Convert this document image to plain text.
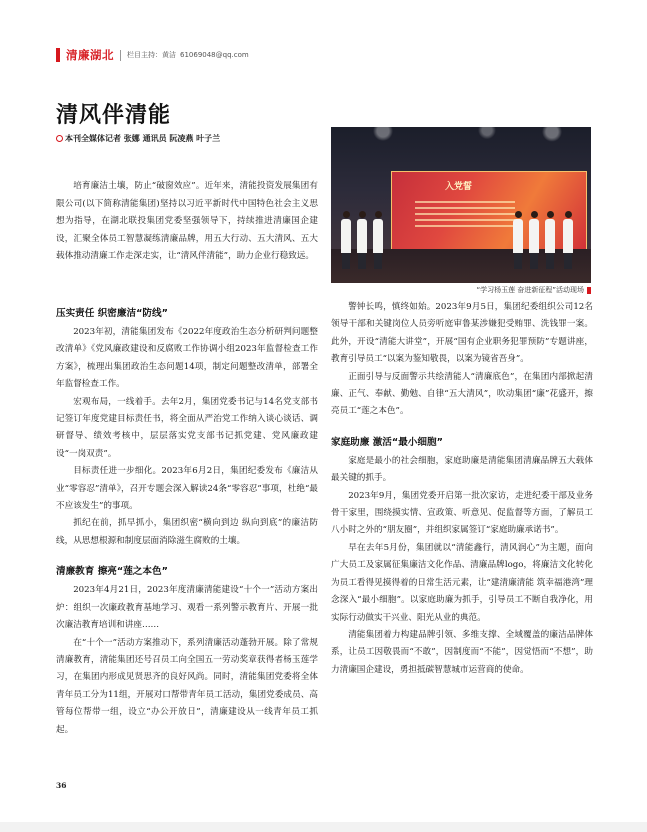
清廉湖北 栏目主持：黄洁 61069048@qq.com
清风伴清能
本刊全媒体记者 张娜 通讯员 阮凌燕 叶子兰

培育廉洁土壤，防止“破窗效应”。近年来，清能投资发展集团有限公司(以下简称清能集团)坚持以习近平新时代中国特色社会主义思想为指导，在湖北联投集团党委坚强领导下，持续推进清廉国企建设，汇聚全体员工智慧凝练清廉品牌，用五大行动、五大清风、五大载体推动清廉工作走深走实，让“清风伴清能”，助力企业行稳致远。

入党誓
“学习杨玉莲 奋进新征程”活动现场
压实责任 织密廉洁“防线”

2023年初，清能集团发布《2022年度政治生态分析研判问题整改清单》《党风廉政建设和反腐败工作协调小组2023年监督检查工作方案》，梳理出集团政治生态问题14项，制定问题整改清单，部署全年监督检查工作。

宏观布局，一线着手。去年2月，集团党委书记与14名党支部书记签订年度党建目标责任书，将全面从严治党工作纳入谈心谈话、调研督导、绩效考核中，层层落实党支部书记抓党建、党风廉政建设“一岗双责”。

目标责任进一步细化。2023年6月2日，集团纪委发布《廉洁从业“零容忍”清单》，召开专题会深入解读24条“零容忍”事项，杜绝“最不应该发生”的事项。

抓纪在前，抓早抓小，集团织密“横向到边 纵向到底”的廉洁防线，从思想根源和制度层面消除滋生腐败的土壤。

清廉教育 擦亮“莲之本色”

2023年4月21日，2023年度清廉清能建设“十个一”活动方案出炉：组织一次廉政教育基地学习、观看一系列警示教育片、开展一批次廉洁教育培训和讲座……

在“十个一”活动方案推动下，系列清廉活动蓬勃开展。除了常规清廉教育，清能集团还号召员工向全国五一劳动奖章获得者杨玉莲学习，在集团内形成见贤思齐的良好风尚。同时，清能集团党委将全体青年员工分为11组，开展对口帮带青年员工活动，集团党委成员、高管每位帮带一组，设立“办公开放日”，清廉建设从一线青年员工抓起。

警钟长鸣，慎终如始。2023年9月5日，集团纪委组织公司12名领导干部和关键岗位人员旁听庭审鲁某涉嫌犯受贿罪、洗钱罪一案。此外，开设“清能大讲堂”，开展“国有企业职务犯罪预防”专题讲座，教育引导员工“以案为鉴知敬畏，以案为镜省吾身”。

正面引导与反面警示共绘清能人“清廉底色”，在集团内部掀起清廉、正气、奉献、勤勉、自律“五大清风”，吹动集团“廉”花盛开，擦亮员工“莲之本色”。

家庭助廉 激活“最小细胞”

家庭是最小的社会细胞，家庭助廉是清能集团清廉品牌五大载体最关键的抓手。

2023年9月，集团党委开启第一批次家访，走进纪委干部及业务骨干家里，围绕摸实情、宣政策、听意见、促监督等方面，了解员工八小时之外的“朋友圈”，并组织家属签订“家庭助廉承诺书”。

早在去年5月份，集团就以“清能鑫行，清风润心”为主题，面向广大员工及家属征集廉洁文化作品、清廉品牌logo，将廉洁文化转化为员工看得见摸得着的日常生活元素，让“建清廉清能 筑幸福港湾”理念深入“最小细胞”。以家庭助廉为抓手，引导员工不断自我净化，用实际行动做实干兴业、阳光从业的典范。

清能集团着力构建品牌引领、多维支撑、全域覆盖的廉洁品牌体系，让员工因敬畏而“不敢”，因制度而“不能”，因觉悟而“不想”，助力清廉国企建设，勇担抵碳智慧城市运营商的使命。

36
